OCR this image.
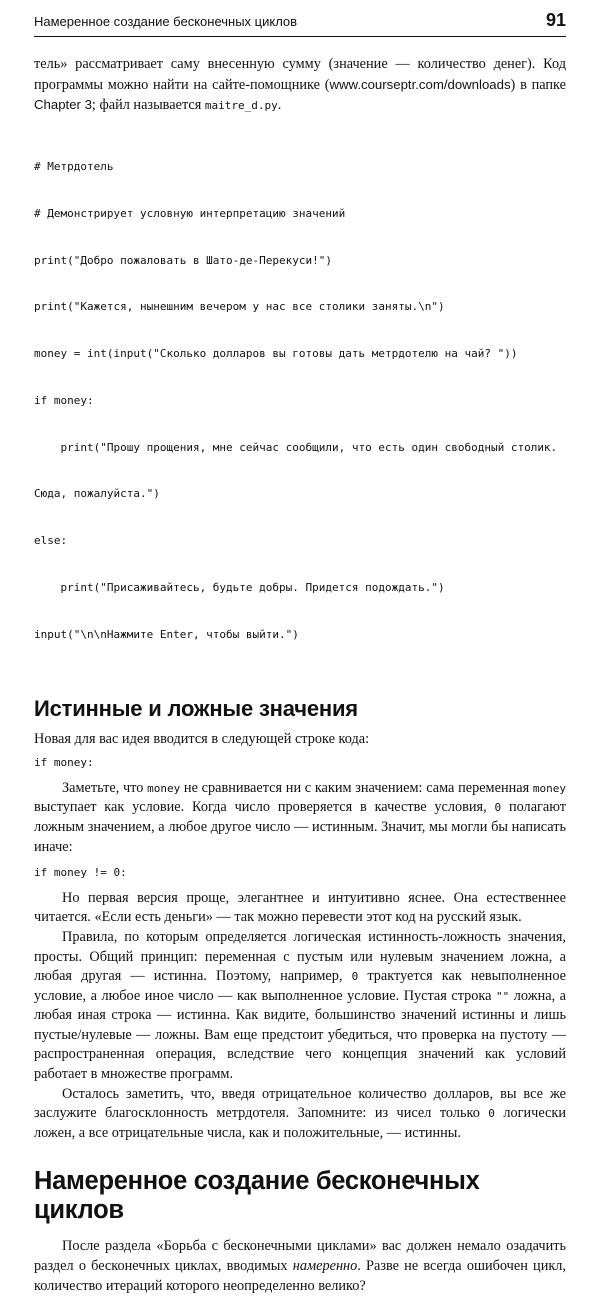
Намеренное создание бесконечных циклов	91

тель» рассматривает саму внесенную сумму (значение — количество денег). Код программы можно найти на сайте-помощнике (www.courseptr.com/downloads) в папке Chapter 3; файл называется maitre_d.py.

# Метрдотель

# Демонстрирует условную интерпретацию значений

print("Добро пожаловать в Шато-де-Перекуси!")

print("Кажется, нынешним вечером у нас все столики заняты.\n")

money = int(input("Сколько долларов вы готовы дать метрдотелю на чай? "))

if money:

print("Прошу прощения, мне сейчас сообщили, что есть один свободный столик.

Сюда, пожалуйста.")

else:

print("Присаживайтесь, будьте добры. Придется подождать.")

input("\n\nНажмите Enter, чтобы выйти.")

Истинные и ложные значения

Новая для вас идея вводится в следующей строке кода:

if money:

Заметьте, что money не сравнивается ни с каким значением: сама переменная money выступает как условие. Когда число проверяется в качестве условия, 0 полагают ложным значением, а любое другое число — истинным. Значит, мы могли бы написать иначе:

if money != 0:

Но первая версия проще, элегантнее и интуитивно яснее. Она естественнее читается. «Если есть деньги» — так можно перевести этот код на русский язык.

Правила, по которым определяется логическая истинность-ложность значения, просты. Общий принцип: переменная с пустым или нулевым значением ложна, а любая другая — истинна. Поэтому, например, 0 трактуется как невыполненное условие, а любое иное число — как выполненное условие. Пустая строка "" ложна, а любая иная строка — истинна. Как видите, большинство значений истинны и лишь пустые/нулевые — ложны. Вам еще предстоит убедиться, что проверка на пустоту — распространенная операция, вследствие чего концепция значений как условий работает в множестве программ.

Осталось заметить, что, введя отрицательное количество долларов, вы все же заслужите благосклонность метрдотеля. Запомните: из чисел только 0 логически ложен, а все отрицательные числа, как и положительные, — истинны.

Намеренное создание бесконечных циклов

После раздела «Борьба с бесконечными циклами» вас должен немало озадачить раздел о бесконечных циклах, вводимых намеренно. Разве не всегда ошибочен цикл, количество итераций которого неопределенно велико?
